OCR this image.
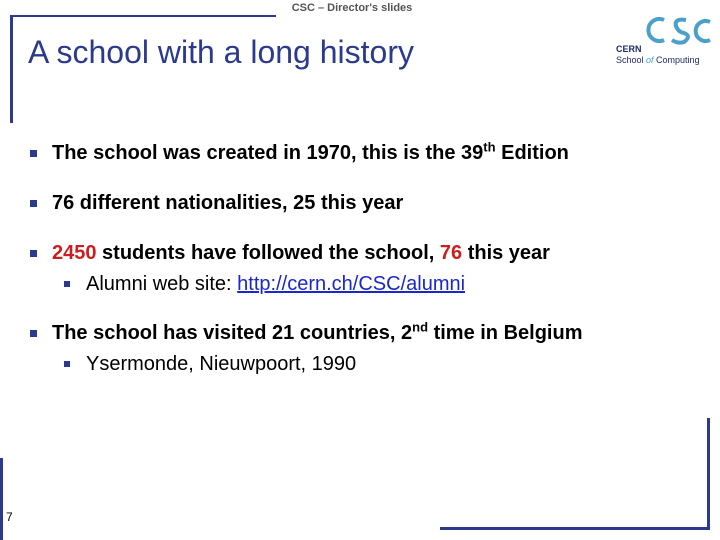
CSC – Director's slides
A school with a long history	CERN
School of Computing
The school was created in 1970, this is the 39th Edition
76 different nationalities, 25 this year
2450 students have followed the school, 76 this year
Alumni web site: http://cern.ch/CSC/alumni
The school has visited 21 countries, 2nd time in Belgium
Ysermonde, Nieuwpoort, 1990
7
